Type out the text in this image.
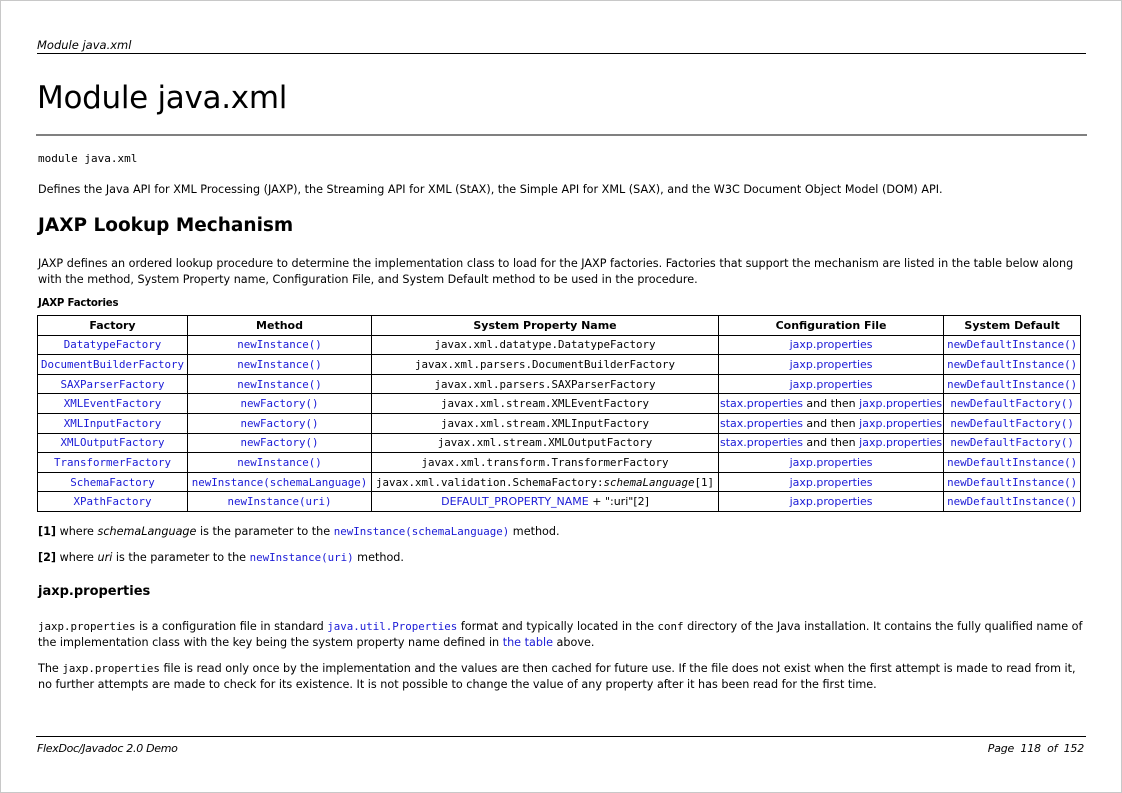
Module java.xml
Module java.xml
module java.xml

Defines the Java API for XML Processing (JAXP), the Streaming API for XML (StAX), the Simple API for XML (SAX), and the W3C Document Object Model (DOM) API.

JAXP Lookup Mechanism

JAXP defines an ordered lookup procedure to determine the implementation class to load for the JAXP factories. Factories that support the mechanism are listed in the table below along with the method, System Property name, Configuration File, and System Default method to be used in the procedure.

JAXP Factories
Factory	Method	System Property Name	Configuration File	System Default
DatatypeFactory	newInstance()	javax.xml.datatype.DatatypeFactory	jaxp.properties	newDefaultInstance()
DocumentBuilderFactory	newInstance()	javax.xml.parsers.DocumentBuilderFactory	jaxp.properties	newDefaultInstance()
SAXParserFactory	newInstance()	javax.xml.parsers.SAXParserFactory	jaxp.properties	newDefaultInstance()
XMLEventFactory	newFactory()	javax.xml.stream.XMLEventFactory	stax.properties and then jaxp.properties	newDefaultFactory()
XMLInputFactory	newFactory()	javax.xml.stream.XMLInputFactory	stax.properties and then jaxp.properties	newDefaultFactory()
XMLOutputFactory	newFactory()	javax.xml.stream.XMLOutputFactory	stax.properties and then jaxp.properties	newDefaultFactory()
TransformerFactory	newInstance()	javax.xml.transform.TransformerFactory	jaxp.properties	newDefaultInstance()
SchemaFactory	newInstance(schemaLanguage)	javax.xml.validation.SchemaFactory:schemaLanguage[1]	jaxp.properties	newDefaultInstance()
XPathFactory	newInstance(uri)	DEFAULT_PROPERTY_NAME + ":uri"[2]	jaxp.properties	newDefaultInstance()
[1] where schemaLanguage is the parameter to the newInstance(schemaLanguage) method.
[2] where uri is the parameter to the newInstance(uri) method.
jaxp.properties

jaxp.properties is a configuration file in standard java.util.Properties format and typically located in the conf directory of the Java installation. It contains the fully qualified name of the implementation class with the key being the system property name defined in the table above.

The jaxp.properties file is read only once by the implementation and the values are then cached for future use. If the file does not exist when the first attempt is made to read from it, no further attempts are made to check for its existence. It is not possible to change the value of any property after it has been read for the first time.

FlexDoc/Javadoc 2.0 Demo	Page 118 of 152
